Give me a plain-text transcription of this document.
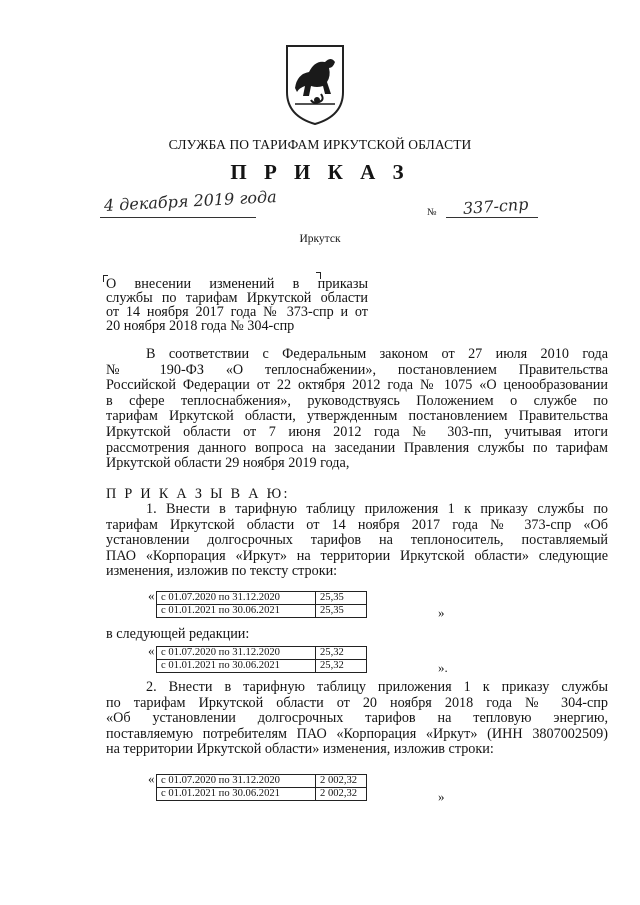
СЛУЖБА ПО ТАРИФАМ ИРКУТСКОЙ ОБЛАСТИ
П Р И К А З
4 декабря 2019 года	№ 337-спр
Иркутск
О внесении изменений в приказы
службы по тарифам Иркутской области
от 14 ноября 2017 года № 373-спр и от
20 ноября 2018 года № 304-спр
В соответствии с Федеральным законом от 27 июля 2010 года
№ 190-ФЗ «О теплоснабжении», постановлением Правительства
Российской Федерации от 22 октября 2012 года № 1075 «О ценообразовании
в сфере теплоснабжения», руководствуясь Положением о службе по
тарифам Иркутской области, утвержденным постановлением Правительства
Иркутской области от 7 июня 2012 года № 303-пп, учитывая итоги
рассмотрения данного вопроса на заседании Правления службы по тарифам
Иркутской области 29 ноября 2019 года,
П Р И К А З Ы В А Ю:
1. Внести в тарифную таблицу приложения 1 к приказу службы по
тарифам Иркутской области от 14 ноября 2017 года № 373-спр «Об
установлении долгосрочных тарифов на теплоноситель, поставляемый
ПАО «Корпорация «Иркут» на территории Иркутской области» следующие
изменения, изложив по тексту строки:
« с 01.07.2020 по 31.12.2020	25,35
с 01.01.2021 по 30.06.2021	25,35	»
в следующей редакции:
« с 01.07.2020 по 31.12.2020	25,32
с 01.01.2021 по 30.06.2021	25,32	».
2. Внести в тарифную таблицу приложения 1 к приказу службы
по тарифам Иркутской области от 20 ноября 2018 года № 304-спр
«Об установлении долгосрочных тарифов на тепловую энергию,
поставляемую потребителям ПАО «Корпорация «Иркут» (ИНН 3807002509)
на территории Иркутской области» изменения, изложив строки:
« с 01.07.2020 по 31.12.2020	2 002,32
с 01.01.2021 по 30.06.2021	2 002,32	»
